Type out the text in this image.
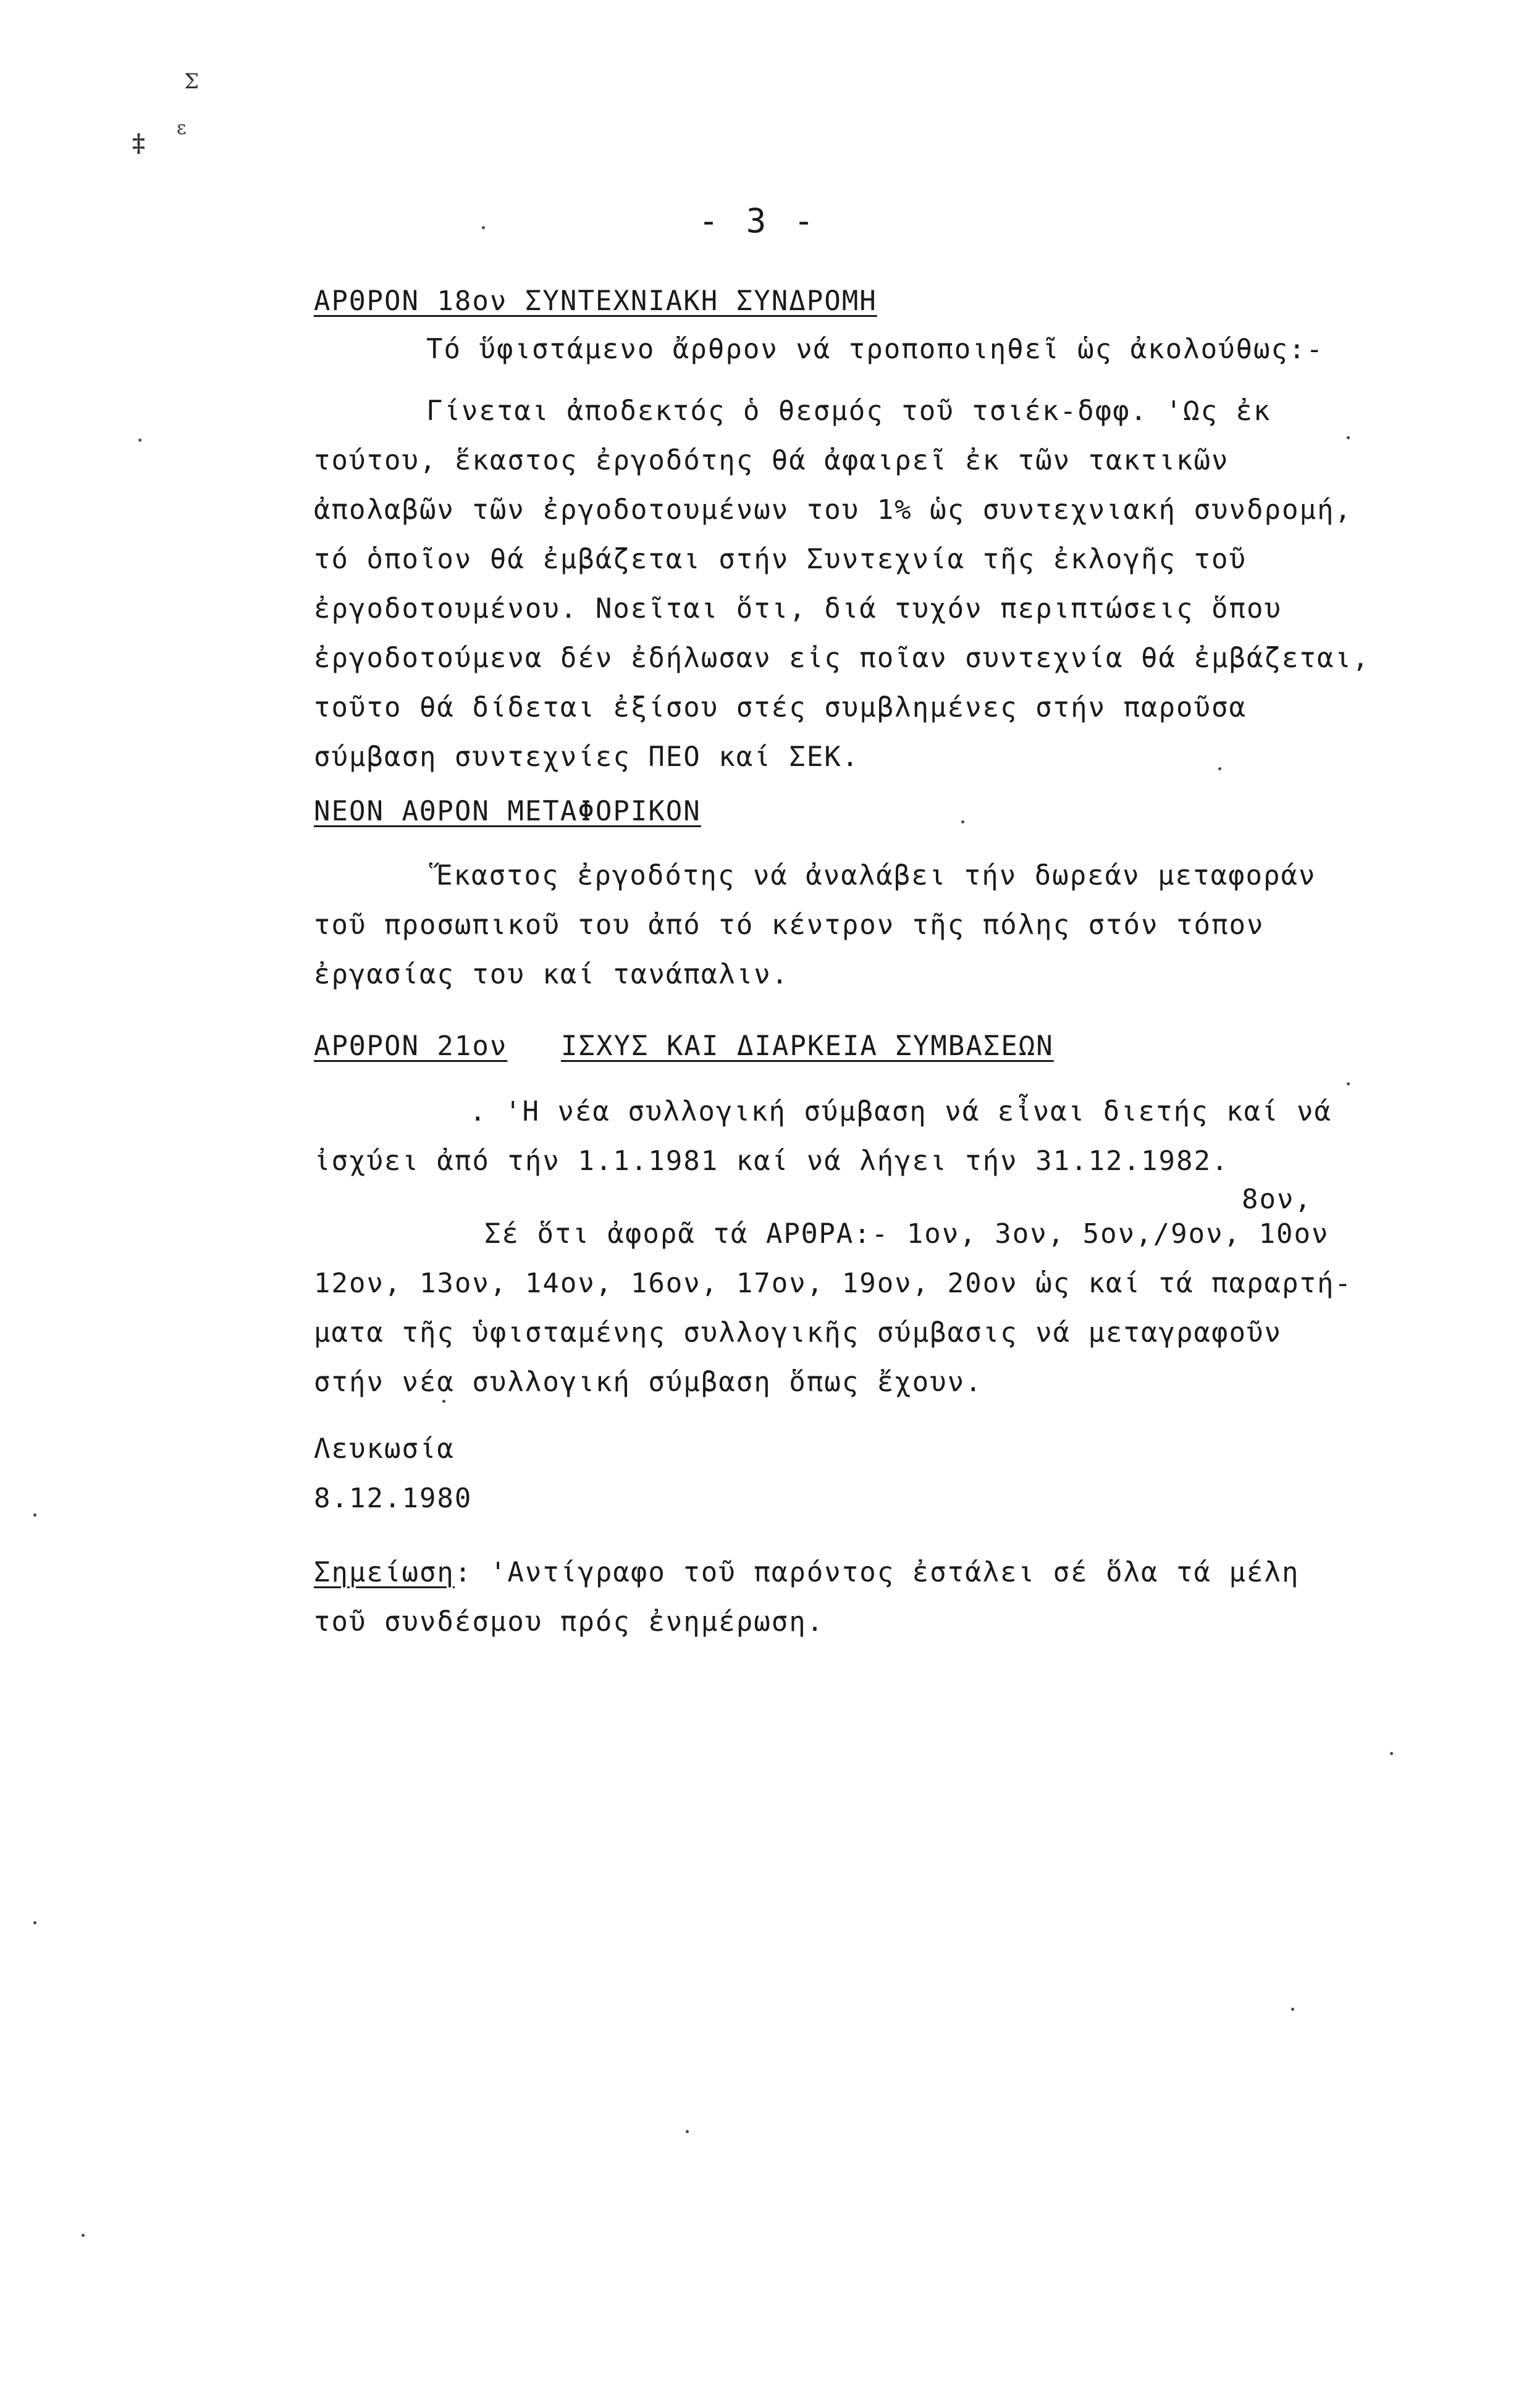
Σ
‡
ε
- 3 -
ΑΡΘΡΟΝ 18ον ΣΥΝΤΕΧΝΙΑΚΗ ΣΥΝΔΡΟΜΗ
Τό ὕφιστάμενο ἄρθρον νά τροποποιηθεῖ ὡς ἀκολούθως:-
Γίνεται ἀποδεκτός ὁ θεσμός τοῦ τσιέκ-δφφ. 'Ως ἐκ
τούτου, ἕκαστος ἐργοδότης θά ἀφαιρεῖ ἐκ τῶν τακτικῶν
ἀπολαβῶν τῶν ἐργοδοτουμένων του 1% ὡς συντεχνιακή συνδρομή,
τό ὁποῖον θά ἐμβάζεται στήν Συντεχνία τῆς ἐκλογῆς τοῦ
ἐργοδοτουμένου. Νοεῖται ὅτι, διά τυχόν περιπτώσεις ὅπου
ἐργοδοτούμενα δέν ἐδήλωσαν εἰς ποῖαν συντεχνία θά ἐμβάζεται,
τοῦτο θά δίδεται ἐξίσου στές συμβλημένες στήν παροῦσα
σύμβαση συντεχνίες ΠΕΟ καί ΣΕΚ.
ΝΕΟΝ ΑΘΡΟΝ ΜΕΤΑΦΟΡΙΚΟΝ
Ἕκαστος ἐργοδότης νά ἀναλάβει τήν δωρεάν μεταφοράν
τοῦ προσωπικοῦ του ἀπό τό κέντρον τῆς πόλης στόν τόπον
ἐργασίας του καί τανάπαλιν.
ΑΡΘΡΟΝ 21ον ΙΣΧΥΣ ΚΑΙ ΔΙΑΡΚΕΙΑ ΣΥΜΒΑΣΕΩΝ
. 'Η νέα συλλογική σύμβαση νά εἶναι διετής καί νά
ἰσχύει ἀπό τήν 1.1.1981 καί νά λήγει τήν 31.12.1982.
8ον,
Σέ ὅτι ἀφορᾶ τά ΑΡΘΡΑ:- 1ον, 3ον, 5ον,/9ον, 10ον
12ον, 13ον, 14ον, 16ον, 17ον, 19ον, 20ον ὡς καί τά παραρτή-
ματα τῆς ὑφισταμένης συλλογικῆς σύμβασις νά μεταγραφοῦν
στήν νέα συλλογική σύμβαση ὅπως ἔχουν.
Λευκωσία
8.12.1980
Σημείωση: 'Αντίγραφο τοῦ παρόντος ἐστάλει σέ ὅλα τά μέλη
τοῦ συνδέσμου πρός ἐνημέρωση.
